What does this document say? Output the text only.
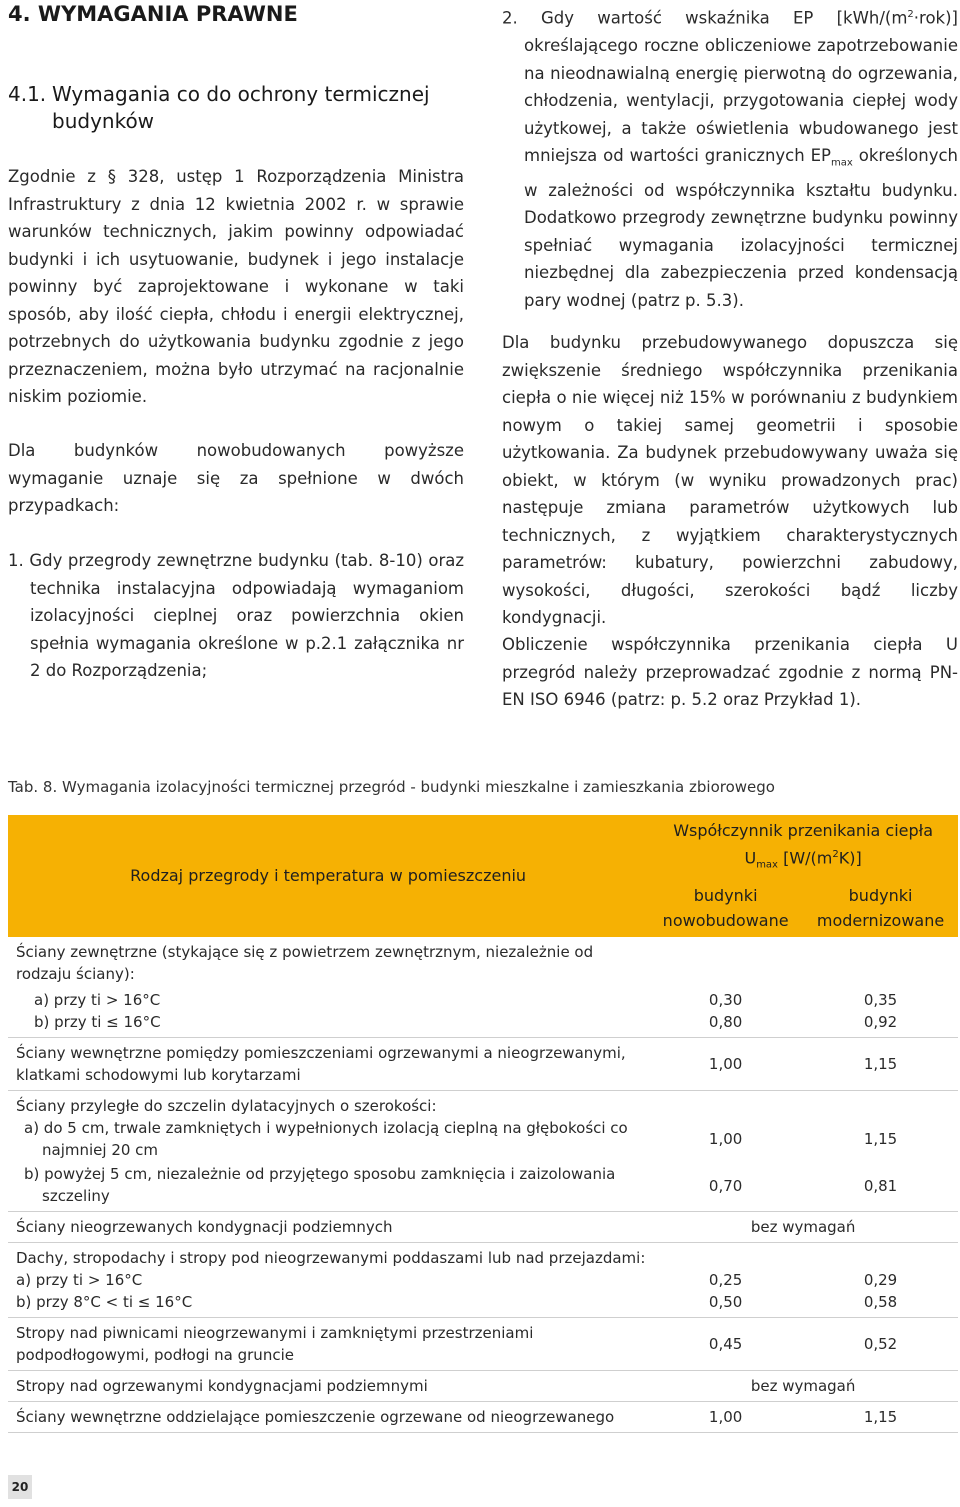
4. WYMAGANIA PRAWNE
4.1. Wymagania co do ochrony termicznej
budynków

Zgodnie z § 328, ustęp 1 Rozporządzenia Ministra Infrastruktury z dnia 12 kwietnia 2002 r. w sprawie warunków technicznych, jakim powinny odpowiadać budynki i ich usytuowanie, budynek i jego instalacje powinny być zaprojektowane i wykonane w taki sposób, aby ilość ciepła, chłodu i energii elektrycznej, potrzebnych do użytkowania budynku zgodnie z jego przeznaczeniem, można było utrzymać na racjonalnie niskim poziomie.

Dla budynków nowobudowanych powyższe wymaganie uznaje się za spełnione w dwóch przypadkach:

1. Gdy przegrody zewnętrzne budynku (tab. 8-10) oraz technika instalacyjna odpowiadają wymaganiom izolacyjności cieplnej oraz powierzchnia okien spełnia wymagania określone w p.2.1 załącznika nr 2 do Rozporządzenia;

2. Gdy wartość wskaźnika EP $[kWh/(m^2\cdot rok)]$ określającego roczne obliczeniowe zapotrzebowanie na nieodnawialną energię pierwotną do ogrzewania, chłodzenia, wentylacji, przygotowania ciepłej wody użytkowej, a także oświetlenia wbudowanego jest mniejsza od wartości granicznych $EP_{max}$ określonych w zależności od współczynnika kształtu budynku. Dodatkowo przegrody zewnętrzne budynku powinny spełniać wymagania izolacyjności termicznej niezbędnej dla zabezpieczenia przed kondensacją pary wodnej (patrz p. 5.3).

Dla budynku przebudowywanego dopuszcza się zwiększenie średniego współczynnika przenikania ciepła o nie więcej niż 15% w porównaniu z budynkiem nowym o takiej samej geometrii i sposobie użytkowania. Za budynek przebudowywany uważa się obiekt, w którym (w wyniku prowadzonych prac) następuje zmiana parametrów użytkowych lub technicznych, z wyjątkiem charakterystycznych parametrów: kubatury, powierzchni zabudowy, wysokości, długości, szerokości bądź liczby kondygnacji.

Obliczenie współczynnika przenikania ciepła U przegród należy przeprowadzać zgodnie z normą PN-EN ISO 6946 (patrz: p. 5.2 oraz Przykład 1).

Tab. 8. Wymagania izolacyjności termicznej przegród - budynki mieszkalne i zamieszkania zbiorowego
Rodzaj przegrody i temperatura w pomieszczeniu	Współczynnik przenikania ciepła
$U_{max}$ $[W/(m^2K)]$	
	budynki nowobudowane	budynki modernizowane
Ściany zewnętrzne (stykające się z powietrzem zewnętrznym, niezależnie od rodzaju ściany):		

a) przy ti > 16°C	0,30	0,35

b) przy ti ≤ 16°C	0,80	0,92
Ściany wewnętrzne pomiędzy pomieszczeniami ogrzewanymi a nieogrzewanymi, klatkami schodowymi lub korytarzami	1,00	1,15
Ściany przyległe do szczelin dylatacyjnych o szerokości:		

a) do 5 cm, trwale zamkniętych i wypełnionych izolacją cieplną na głębokości co najmniej 20 cm	1,00	1,15

b) powyżej 5 cm, niezależnie od przyjętego sposobu zamknięcia i zaizolowania szczeliny	0,70	0,81
Ściany nieogrzewanych kondygnacji podziemnych	bez wymagań	
Dachy, stropodachy i stropy pod nieogrzewanymi poddaszami lub nad przejazdami:		
a) przy ti > 16°C	0,25	0,29
b) przy 8°C < ti ≤ 16°C	0,50	0,58
Stropy nad piwnicami nieogrzewanymi i zamkniętymi przestrzeniami podpodłogowymi, podłogi na gruncie	0,45	0,52
Stropy nad ogrzewanymi kondygnacjami podziemnymi	bez wymagań	
Ściany wewnętrzne oddzielające pomieszczenie ogrzewane od nieogrzewanego	1,00	1,15
20
